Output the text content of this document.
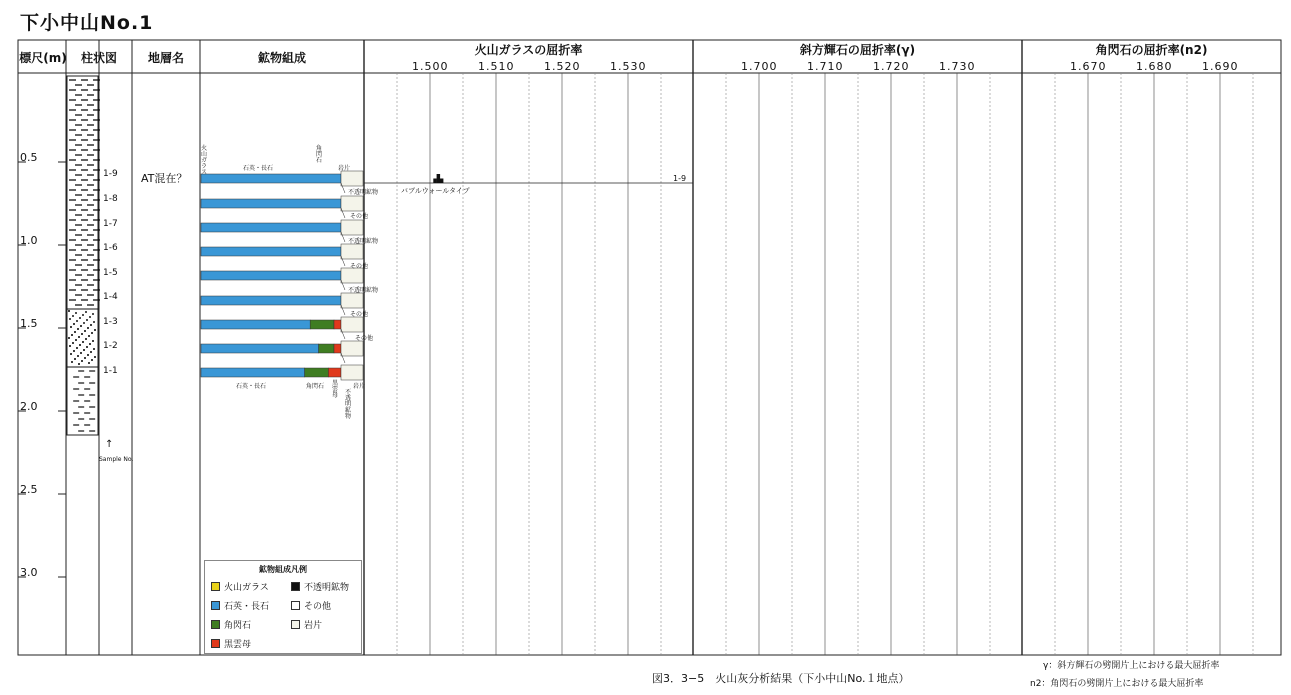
下小中山No.1
標尺(m)	柱状図	地層名	鉱物組成
火山ガラスの屈折率	斜方輝石の屈折率(γ)	角閃石の屈折率(n2)
1.500	1.510	1.520	1.530	1.700	1.710	1.720	1.730	1.670	1.680	1.690
0.5
1.0
1.5
2.0
2.5
3.0
1-9
1-8
1-7
1-6
1-5
1-4
1-3
1-2
1-1
↑
Sample No.
AT混在？
火山ガラス
石英・長石
角閃石
岩片
不透明鉱物
その他
不透明鉱物
その他
不透明鉱物
その他
その他
石英・長石	角閃石 黒雲母
岩片
不透明鉱物
バブルウォールタイプ
1-9
鉱物組成凡例
火山ガラス	不透明鉱物
石英・長石	その他
角閃石	岩片
黒雲母
図3．3−5　火山灰分析結果（下小中山No.１地点）
γ：斜方輝石の劈開片上における最大屈折率
n2：角閃石の劈開片上における最大屈折率
